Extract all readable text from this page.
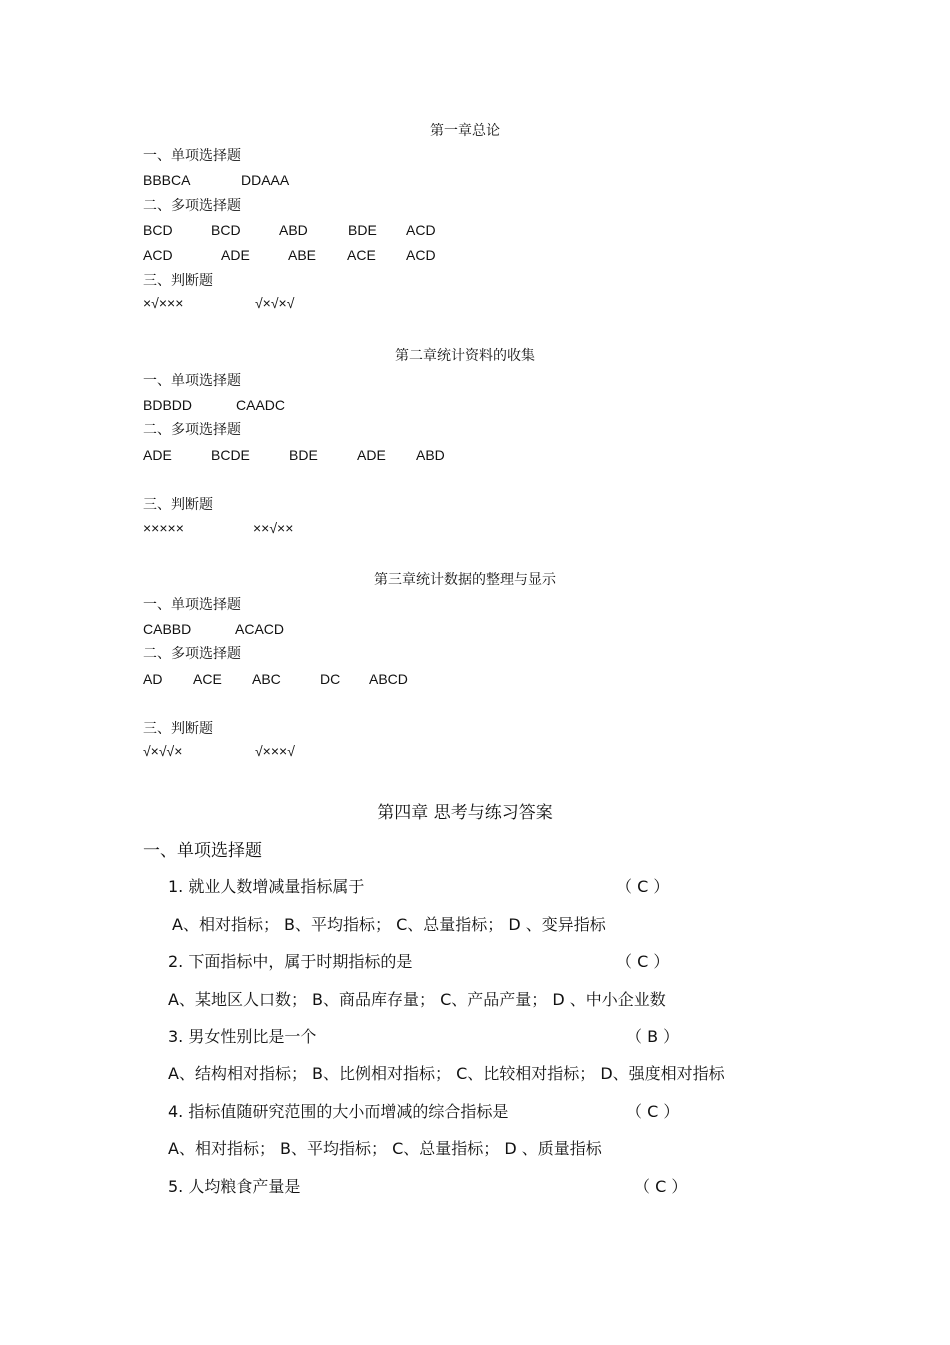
第一章总论
一、单项选择题
BBBCA	DDAAA
二、多项选择题
BCD	BCD	ABD	BDE ACD
ACD	ADE	ABE ACE ACD
三、判断题
×√×××	√×√×√
第二章统计资料的收集
一、单项选择题
BDBDD	CAADC
二、多项选择题
ADE	BCDE	BDE	ADE ABD
三、判断题
×××××	××√××
第三章统计数据的整理与显示
一、单项选择题
CABBD	ACACD
二、多项选择题
AD ACE ABC	DC ABCD
三、判断题
√×√√×	√×××√
第四章 思考与练习答案
一、单项选择题
1. 就业人数增减量指标属于	（ C ）
A、相对指标； B、平均指标； C、总量指标； D 、变异指标
2. 下面指标中，属于时期指标的是	（ C ）
A、某地区人口数； B、商品库存量； C、产品产量； D 、中小企业数
3. 男女性别比是一个	（ B ）
A、结构相对指标； B、比例相对指标； C、比较相对指标； D、强度相对指标
4. 指标值随研究范围的大小而增减的综合指标是	（ C ）
A、相对指标； B、平均指标； C、总量指标； D 、质量指标
5. 人均粮食产量是	（ C ）
